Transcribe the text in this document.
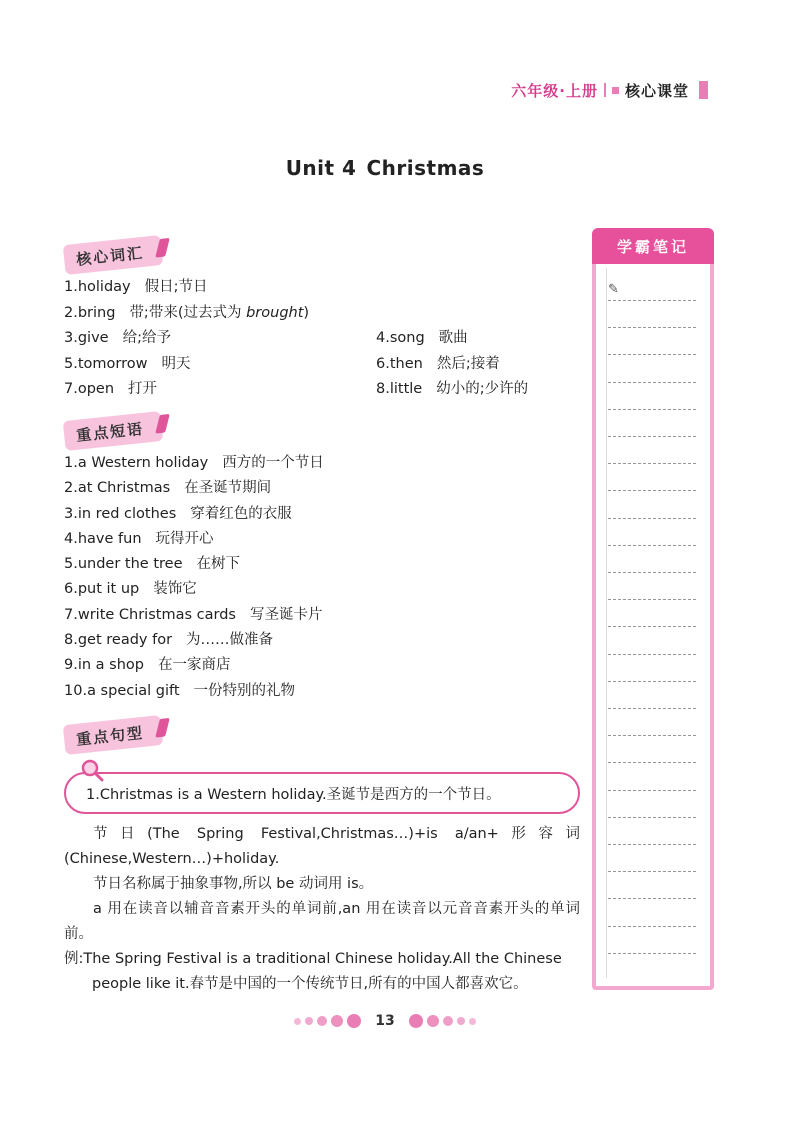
六年级·上册 核心课堂
Unit 4 Christmas
核心词汇
1.holiday 假日;节日
2.bring 带;带来(过去式为 brought)
3.give 给;给予	4.song 歌曲
5.tomorrow 明天	6.then 然后;接着
7.open 打开	8.little 幼小的;少许的
重点短语
1.a Western holiday 西方的一个节日
2.at Christmas 在圣诞节期间
3.in red clothes 穿着红色的衣服
4.have fun 玩得开心
5.under the tree 在树下
6.put it up 装饰它
7.write Christmas cards 写圣诞卡片
8.get ready for 为……做准备
9.in a shop 在一家商店
10.a special gift 一份特别的礼物
重点句型
1.Christmas is a Western holiday.圣诞节是西方的一个节日。

节日(The Spring Festival,Christmas…)+is a/an+形容词(Chinese,Western…)+holiday.

节日名称属于抽象事物,所以 be 动词用 is。

a 用在读音以辅音音素开头的单词前,an 用在读音以元音音素开头的单词前。

例:The Spring Festival is a traditional Chinese holiday.All the Chinese

people like it.春节是中国的一个传统节日,所有的中国人都喜欢它。

学霸笔记
✎
13
